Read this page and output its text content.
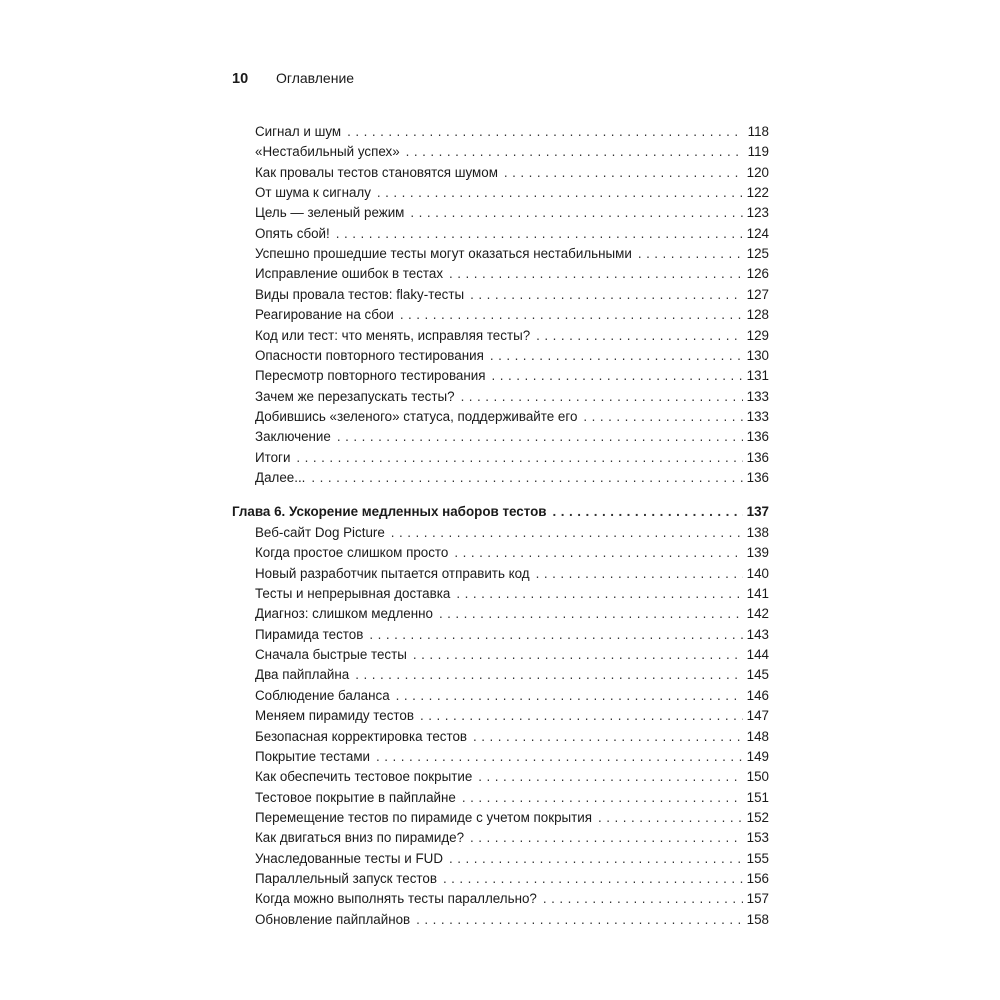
10	Оглавление
Сигнал и шум . . .	118
«Нестабильный успех» . . .	119
Как провалы тестов становятся шумом . . .	120
От шума к сигналу . . .	122
Цель — зеленый режим . . .	123
Опять сбой! . . .	124
Успешно прошедшие тесты могут оказаться нестабильными . . .	125
Исправление ошибок в тестах . . .	126
Виды провала тестов: flaky-тесты . . .	127
Реагирование на сбои . . .	128
Код или тест: что менять, исправляя тесты? . . .	129
Опасности повторного тестирования . . .	130
Пересмотр повторного тестирования . . .	131
Зачем же перезапускать тесты? . . .	133
Добившись «зеленого» статуса, поддерживайте его . . .	133
Заключение . . .	136
Итоги . . .	136
Далее... . . .	136
Глава 6. Ускорение медленных наборов тестов . . .	137
Веб-сайт Dog Picture . . .	138
Когда простое слишком просто . . .	139
Новый разработчик пытается отправить код . . .	140
Тесты и непрерывная доставка . . .	141
Диагноз: слишком медленно . . .	142
Пирамида тестов . . .	143
Сначала быстрые тесты . . .	144
Два пайплайна . . .	145
Соблюдение баланса . . .	146
Меняем пирамиду тестов . . .	147
Безопасная корректировка тестов . . .	148
Покрытие тестами . . .	149
Как обеспечить тестовое покрытие . . .	150
Тестовое покрытие в пайплайне . . .	151
Перемещение тестов по пирамиде с учетом покрытия . . .	152
Как двигаться вниз по пирамиде? . . .	153
Унаследованные тесты и FUD . . .	155
Параллельный запуск тестов . . .	156
Когда можно выполнять тесты параллельно? . . .	157
Обновление пайплайнов . . .	158
